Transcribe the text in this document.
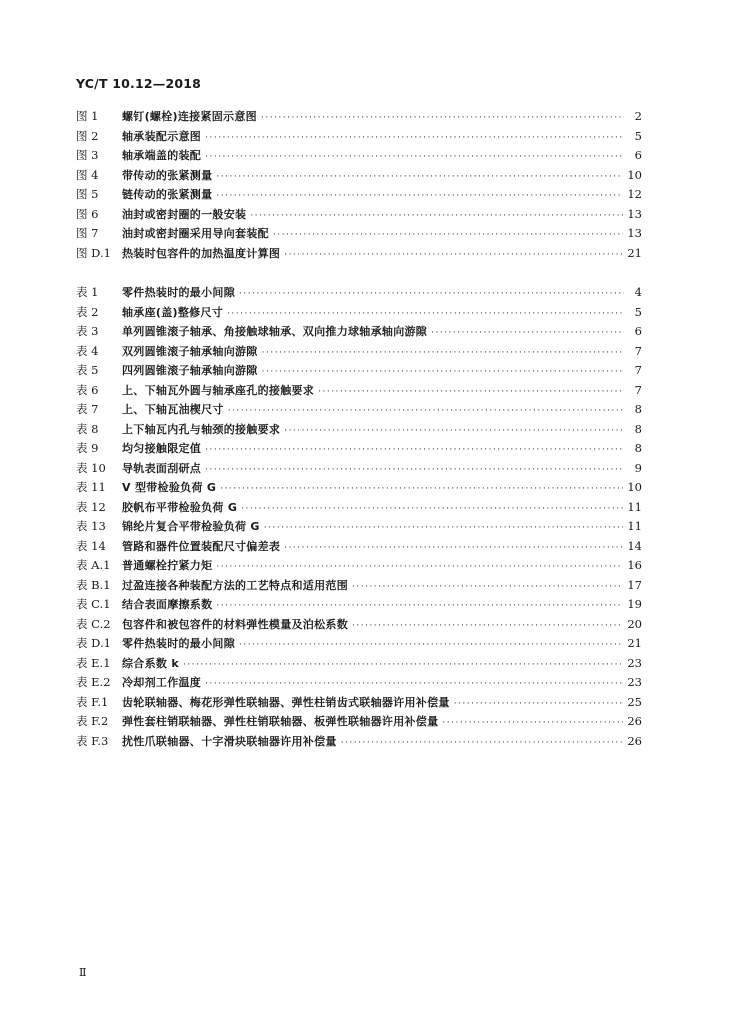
YC/T 10.12—2018
图 1	螺钉(螺栓)连接紧固示意图 ·····	2
图 2	轴承装配示意图 ·····	5
图 3	轴承端盖的装配 ·····	6
图 4	带传动的张紧测量 ·····	10
图 5	链传动的张紧测量 ·····	12
图 6	油封或密封圈的一般安装 ·····	13
图 7	油封或密封圈采用导向套装配 ·····	13
图 D.1	热装时包容件的加热温度计算图 ·····	21
表 1	零件热装时的最小间隙 ·····	4
表 2	轴承座(盖)整修尺寸 ·····	5
表 3	单列圆锥滚子轴承、角接触球轴承、双向推力球轴承轴向游隙 ·····	6
表 4	双列圆锥滚子轴承轴向游隙 ·····	7
表 5	四列圆锥滚子轴承轴向游隙 ·····	7
表 6	上、下轴瓦外圆与轴承座孔的接触要求 ·····	7
表 7	上、下轴瓦油楔尺寸 ·····	8
表 8	上下轴瓦内孔与轴颈的接触要求 ·····	8
表 9	均匀接触限定值 ·····	8
表 10	导轨表面刮研点 ·····	9
表 11	V 型带检验负荷 G ·····	10
表 12	胶帆布平带检验负荷 G ·····	11
表 13	锦纶片复合平带检验负荷 G ·····	11
表 14	管路和器件位置装配尺寸偏差表 ·····	14
表 A.1	普通螺栓拧紧力矩 ·····	16
表 B.1	过盈连接各种装配方法的工艺特点和适用范围 ·····	17
表 C.1	结合表面摩擦系数 ·····	19
表 C.2	包容件和被包容件的材料弹性模量及泊松系数 ·····	20
表 D.1	零件热装时的最小间隙 ·····	21
表 E.1	综合系数 k ·····	23
表 E.2	冷却剂工作温度 ·····	23
表 F.1	齿轮联轴器、梅花形弹性联轴器、弹性柱销齿式联轴器许用补偿量 ·····	25
表 F.2	弹性套柱销联轴器、弹性柱销联轴器、板弹性联轴器许用补偿量 ·····	26
表 F.3	扰性爪联轴器、十字滑块联轴器许用补偿量 ·····	26
Ⅱ
